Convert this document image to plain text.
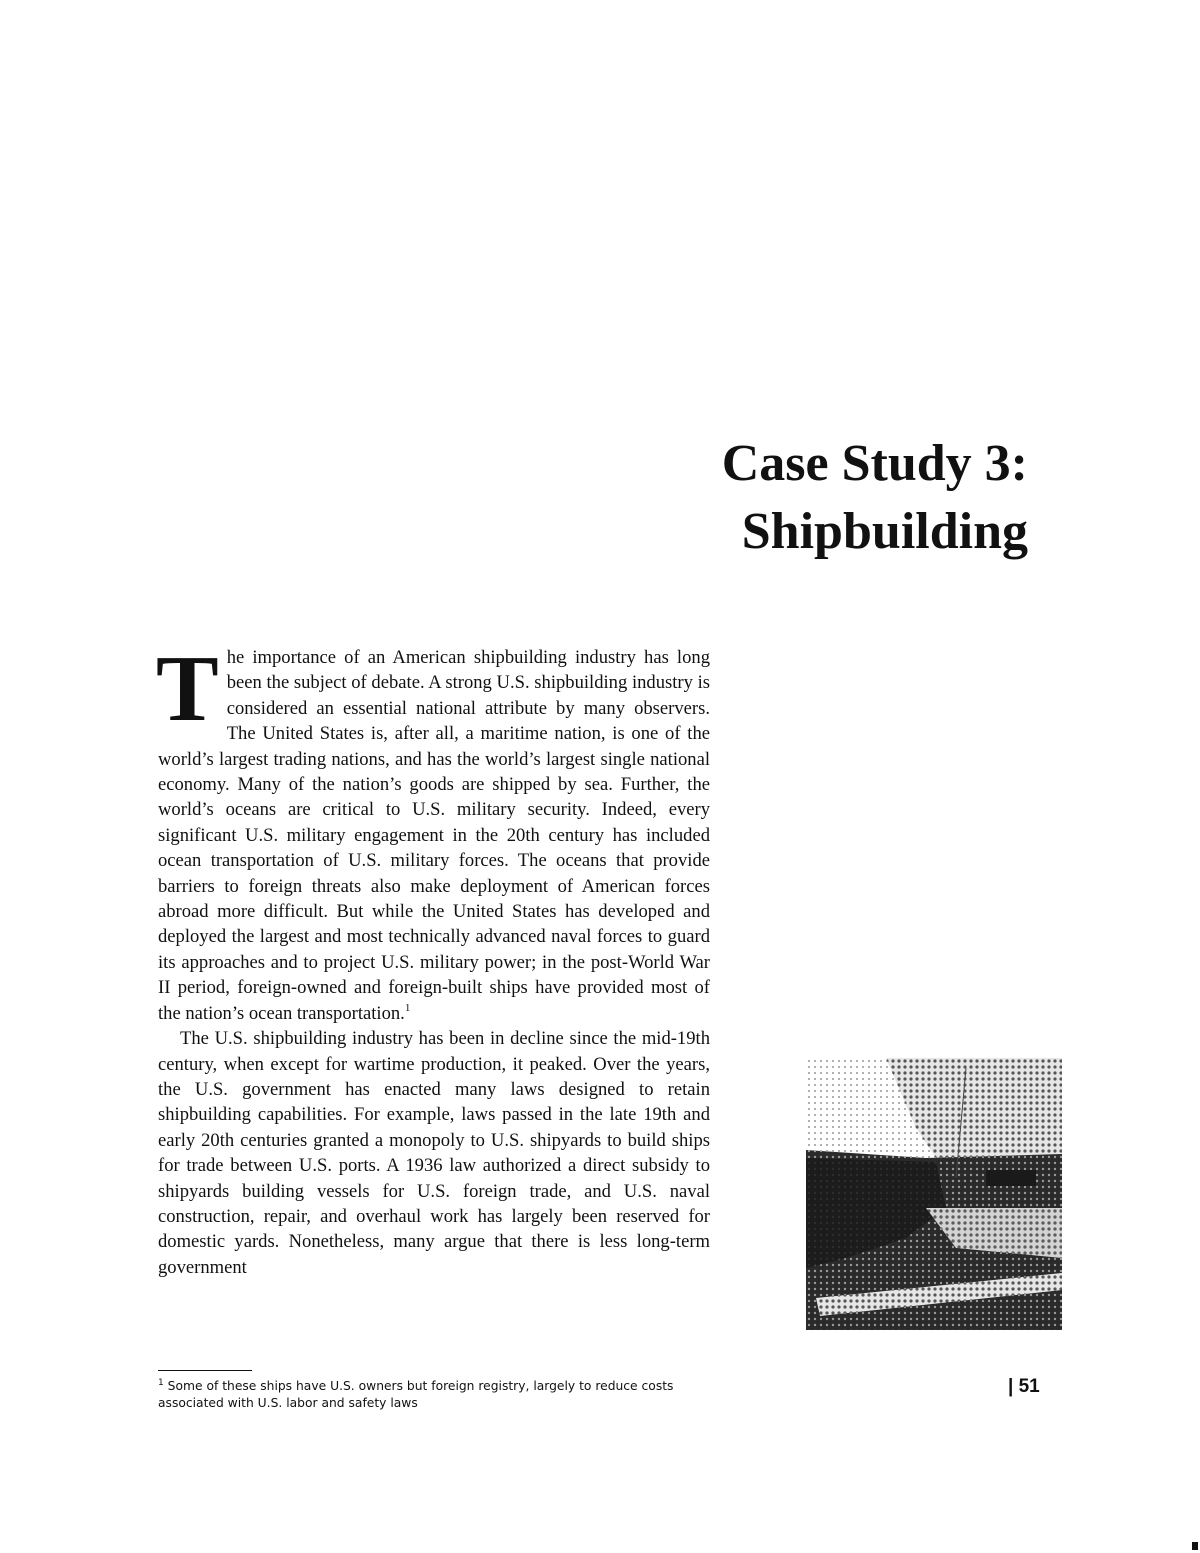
Case Study 3:
Shipbuilding

The importance of an American shipbuilding industry has long been the subject of debate. A strong U.S. shipbuilding industry is considered an essential national attribute by many observers. The United States is, after all, a maritime nation, is one of the world’s largest trading nations, and has the world’s largest single national economy. Many of the nation’s goods are shipped by sea. Further, the world’s oceans are critical to U.S. military security. Indeed, every significant U.S. military engagement in the 20th century has included ocean transportation of U.S. military forces. The oceans that provide barriers to foreign threats also make deployment of American forces abroad more difficult. But while the United States has developed and deployed the largest and most technically advanced naval forces to guard its approaches and to project U.S. military power; in the post-World War II period, foreign-owned and foreign-built ships have provided most of the nation’s ocean transportation.$^1$

The U.S. shipbuilding industry has been in decline since the mid-19th century, when except for wartime production, it peaked. Over the years, the U.S. government has enacted many laws designed to retain shipbuilding capabilities. For example, laws passed in the late 19th and early 20th centuries granted a monopoly to U.S. shipyards to build ships for trade between U.S. ports. A 1936 law authorized a direct subsidy to shipyards building vessels for U.S. foreign trade, and U.S. naval construction, repair, and overhaul work has largely been reserved for domestic yards. Nonetheless, many argue that there is less long-term government

$^1$ Some of these ships have U.S. owners but foreign registry, largely to reduce costs associated with U.S. labor and safety laws
| 51
